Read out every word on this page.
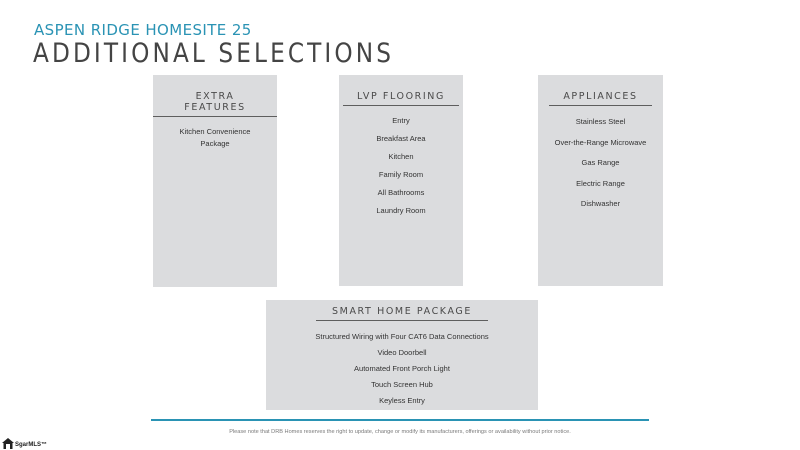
ASPEN RIDGE HOMESITE 25
ADDITIONAL SELECTIONS
EXTRA FEATURES
Kitchen Convenience Package
LVP FLOORING
Entry
Breakfast Area
Kitchen
Family Room
All Bathrooms
Laundry Room
APPLIANCES
Stainless Steel
Over-the-Range Microwave
Gas Range
Electric Range
Dishwasher
SMART HOME PACKAGE
Structured Wiring with Four CAT6 Data Connections
Video Doorbell
Automated Front Porch Light
Touch Screen Hub
Keyless Entry
Please note that DRB Homes reserves the right to update, change or modify its manufacturers, offerings or availability without prior notice.
SgarMLS™
